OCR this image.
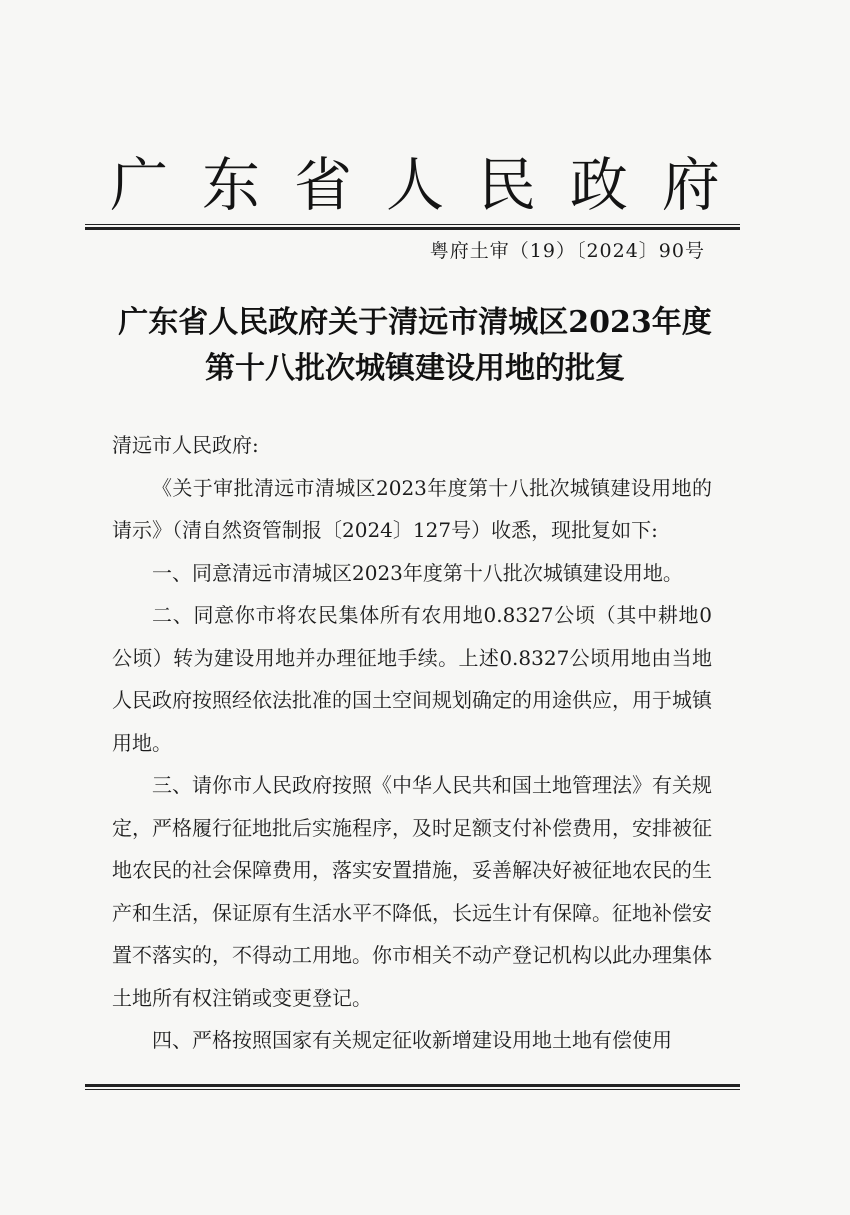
广 东 省 人 民 政 府
粤府土审（19）〔2024〕90号
广东省人民政府关于清远市清城区2023年度
第十八批次城镇建设用地的批复

清远市人民政府:

《关于审批清远市清城区2023年度第十八批次城镇建设用地的请示》（清自然资管制报〔2024〕127号）收悉，现批复如下:

一、同意清远市清城区2023年度第十八批次城镇建设用地。

二、同意你市将农民集体所有农用地0.8327公顷（其中耕地0公顷）转为建设用地并办理征地手续。上述0.8327公顷用地由当地人民政府按照经依法批准的国土空间规划确定的用途供应，用于城镇用地。

三、请你市人民政府按照《中华人民共和国土地管理法》有关规定，严格履行征地批后实施程序，及时足额支付补偿费用，安排被征地农民的社会保障费用，落实安置措施，妥善解决好被征地农民的生产和生活，保证原有生活水平不降低，长远生计有保障。征地补偿安置不落实的，不得动工用地。你市相关不动产登记机构以此办理集体土地所有权注销或变更登记。

四、严格按照国家有关规定征收新增建设用地土地有偿使用
